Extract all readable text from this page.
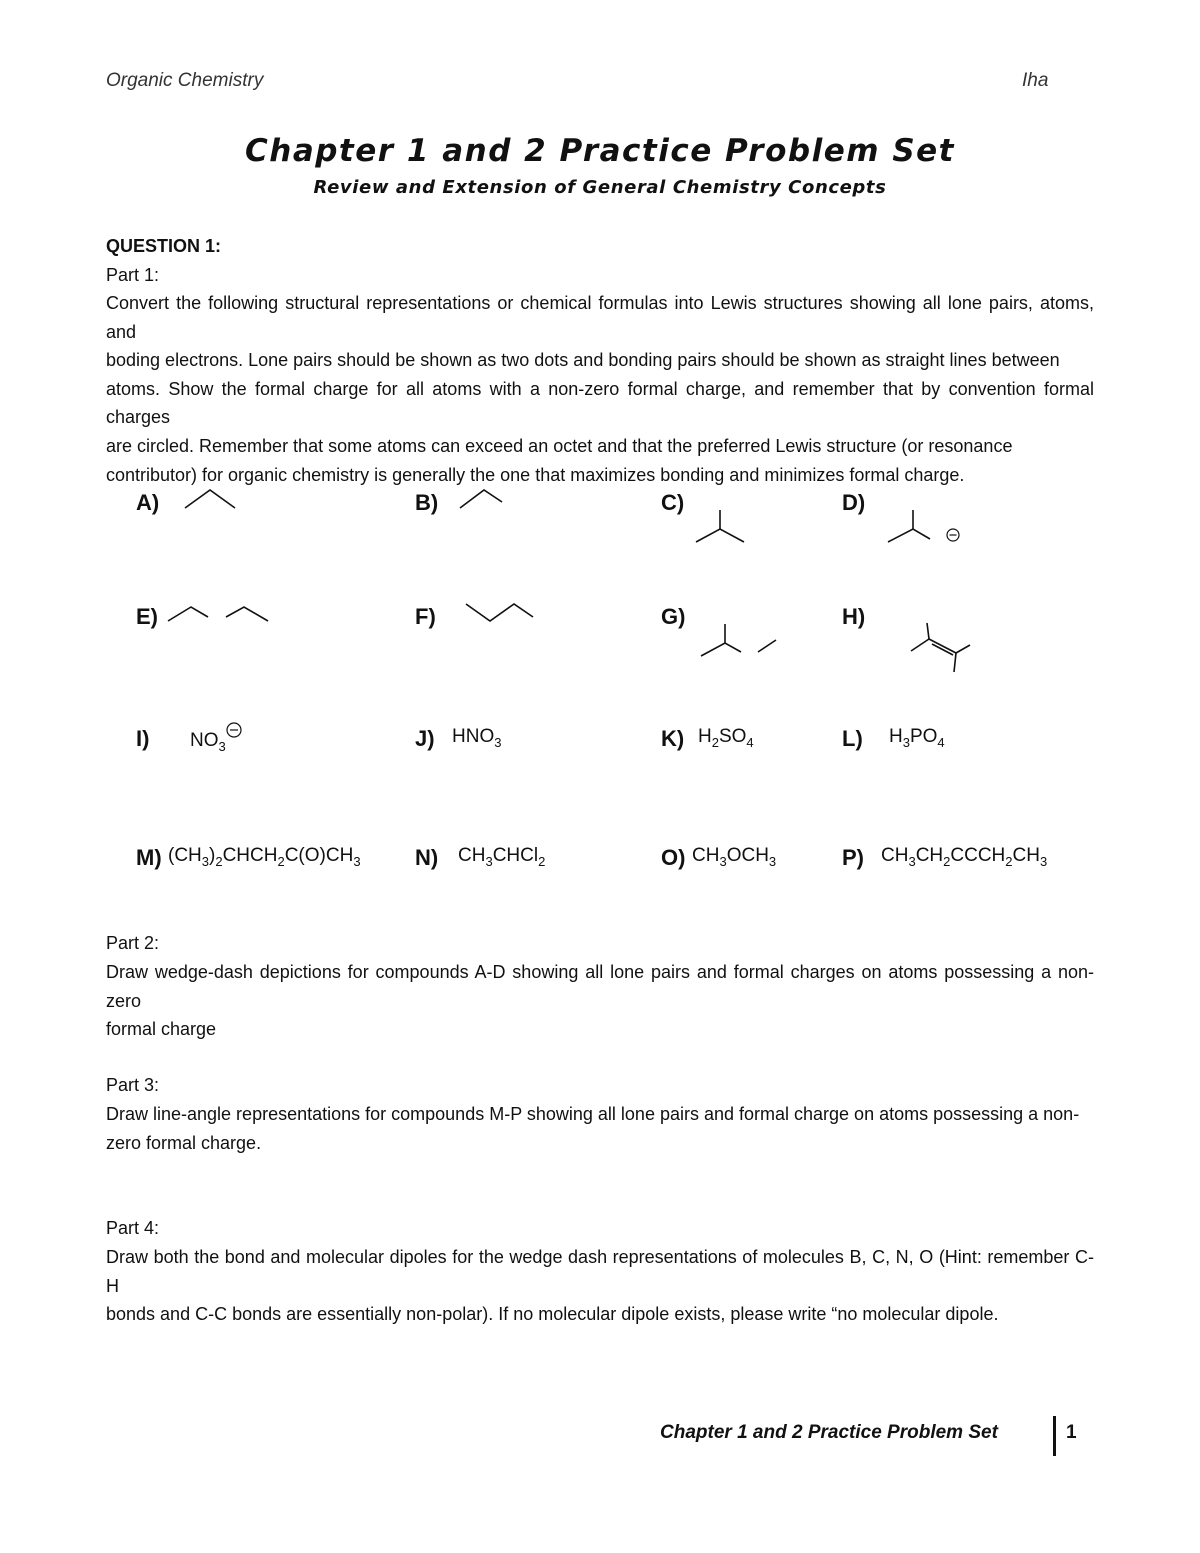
Organic Chemistry	Iha
Chapter 1 and 2 Practice Problem Set
Review and Extension of General Chemistry Concepts
QUESTION 1:
Part 1:
Convert the following structural representations or chemical formulas into Lewis structures showing all lone pairs, atoms, and
boding electrons. Lone pairs should be shown as two dots and bonding pairs should be shown as straight lines between
atoms. Show the formal charge for all atoms with a non-zero formal charge, and remember that by convention formal charges
are circled. Remember that some atoms can exceed an octet and that the preferred Lewis structure (or resonance
contributor) for organic chemistry is generally the one that maximizes bonding and minimizes formal charge.
A)	B)	C)	D)
E)	F)	G)	H)
I) $NO_3$	J) $HNO_3$	K) $H_2SO_4$	L) $H_3PO_4$
M) $(CH_3)_2CHCH_2C(O)CH_3$ N) $CH_3CHCl_2$	O) $CH_3OCH_3$	P) $CH_3CH_2CCCH_2CH_3$
Part 2:
Draw wedge-dash depictions for compounds A-D showing all lone pairs and formal charges on atoms possessing a non-zero
formal charge
Part 3:
Draw line-angle representations for compounds M-P showing all lone pairs and formal charge on atoms possessing a non-
zero formal charge.
Part 4:
Draw both the bond and molecular dipoles for the wedge dash representations of molecules B, C, N, O (Hint: remember C-H
bonds and C-C bonds are essentially non-polar). If no molecular dipole exists, please write “no molecular dipole.
Chapter 1 and 2 Practice Problem Set	1
